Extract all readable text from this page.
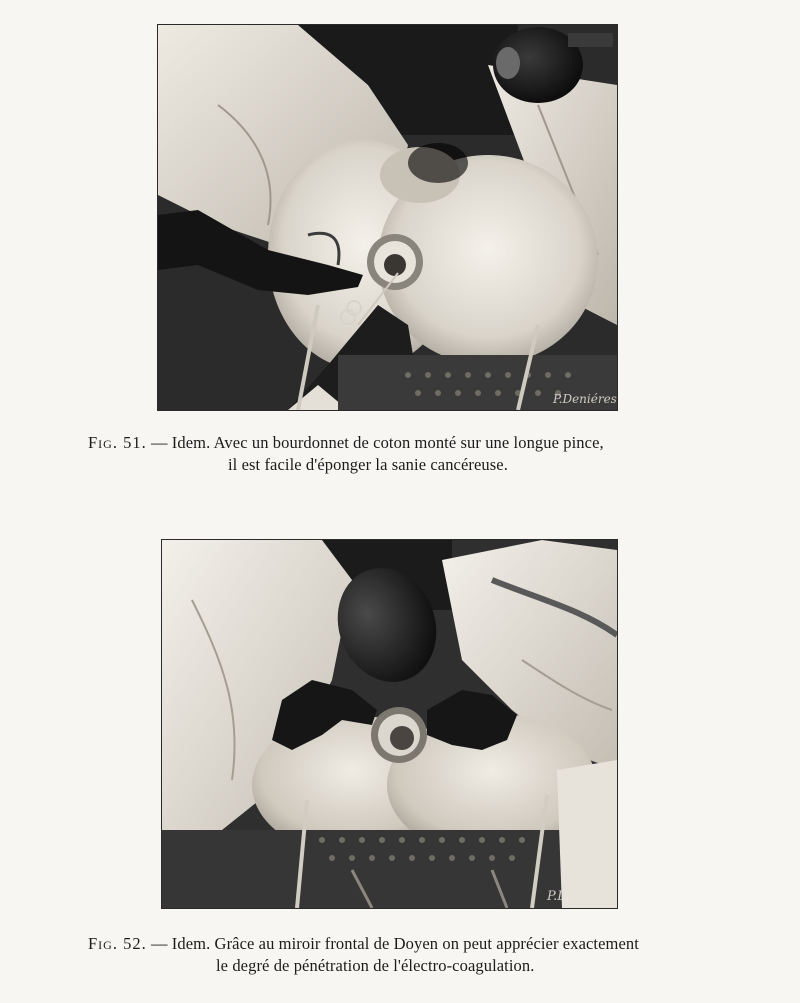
P.Deniéres
Fig. 51. — Idem. Avec un bourdonnet de coton monté sur une longue pince,
il est facile d'éponger la sanie cancéreuse.
P.Deniéres
Fig. 52. — Idem. Grâce au miroir frontal de Doyen on peut apprécier exactement
le degré de pénétration de l'électro-coagulation.
